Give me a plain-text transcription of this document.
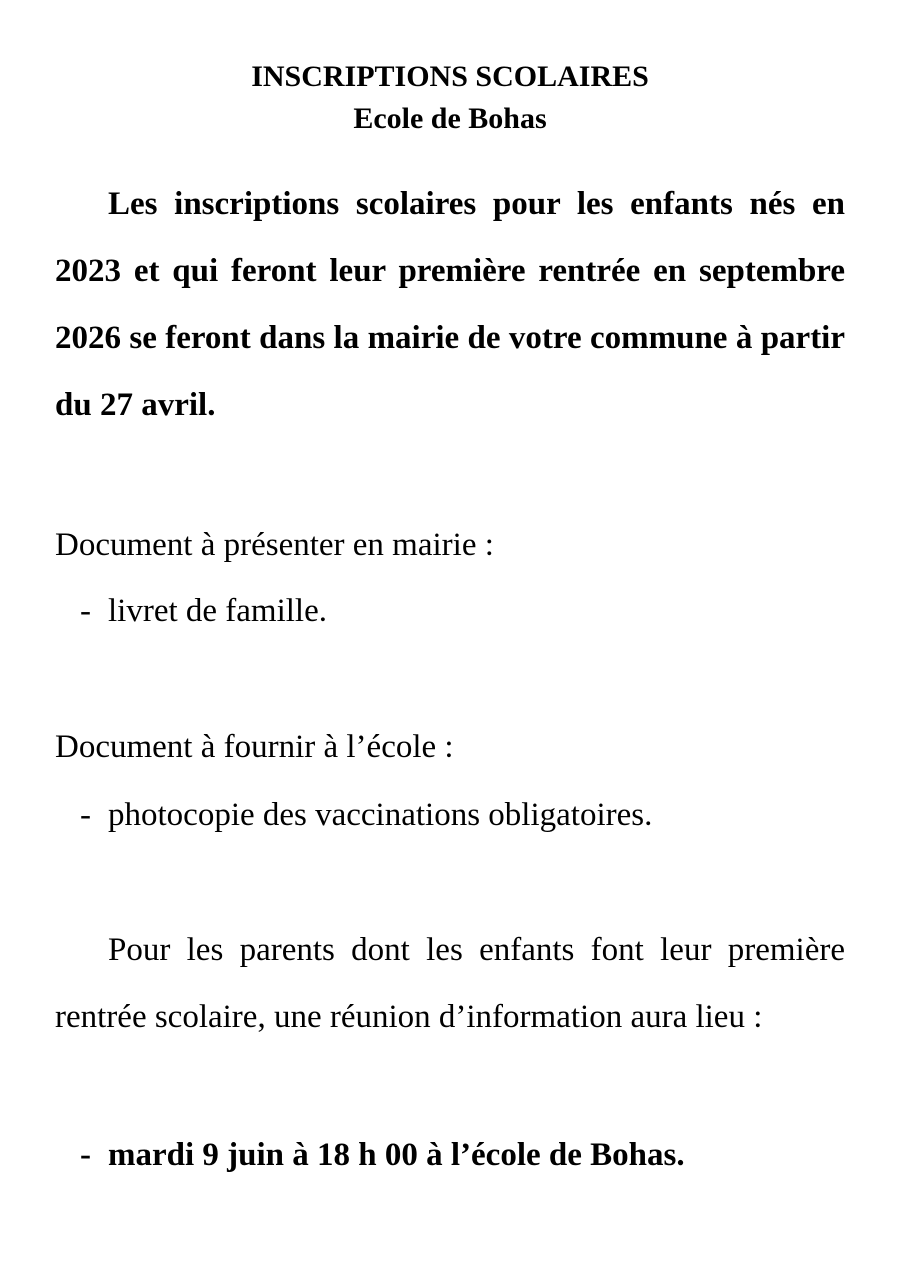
INSCRIPTIONS SCOLAIRES
Ecole de Bohas

Les inscriptions scolaires pour les enfants nés en 2023 et qui feront leur première rentrée en septembre 2026 se feront dans la mairie de votre commune à partir du 27 avril.

Document à présenter en mairie :
- livret de famille.
Document à fournir à l’école :
- photocopie des vaccinations obligatoires.

Pour les parents dont les enfants font leur première rentrée scolaire, une réunion d’information aura lieu :

- mardi 9 juin à 18 h 00 à l’école de Bohas.
